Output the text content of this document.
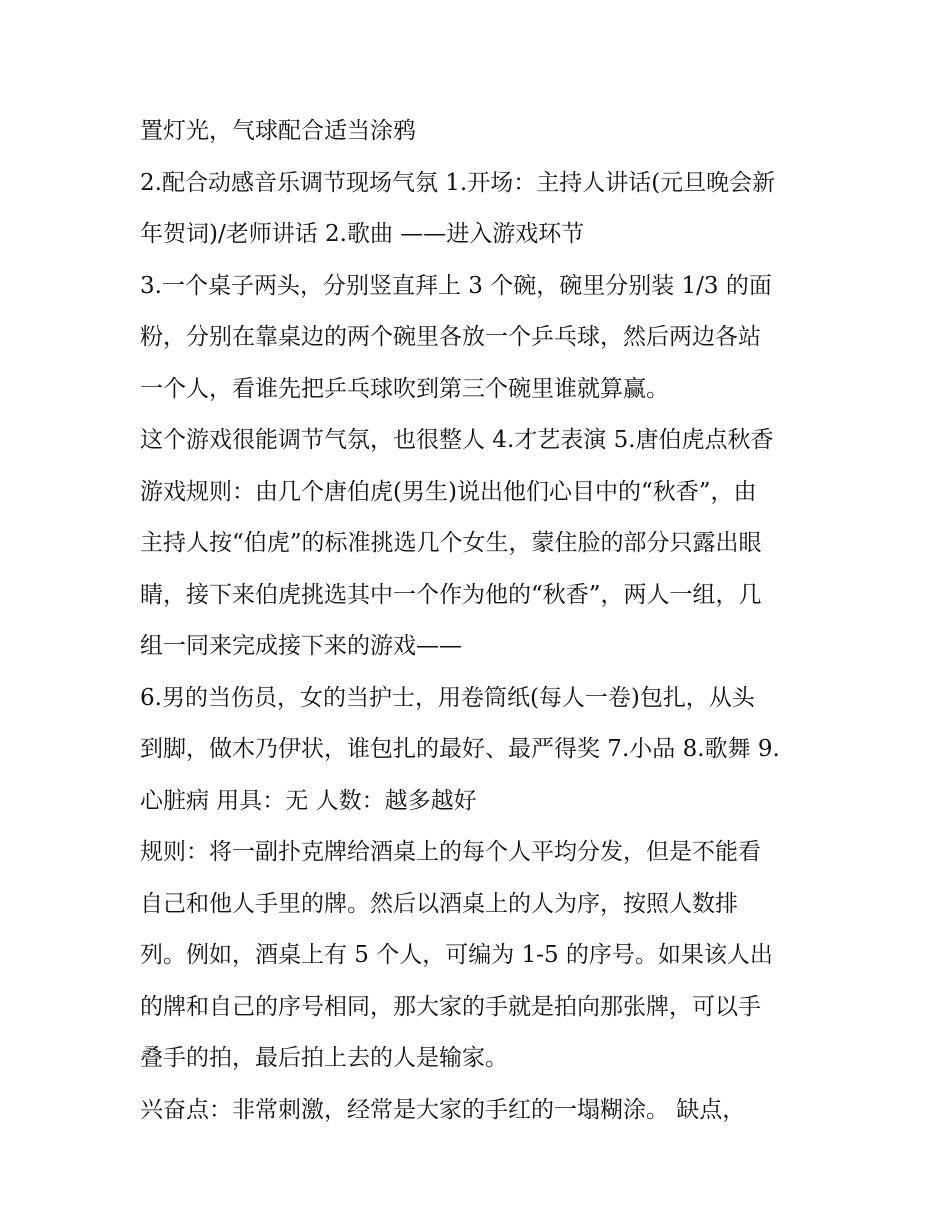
置灯光，气球配合适当涂鸦
2.配合动感音乐调节现场气氛 1.开场：主持人讲话(元旦晚会新
年贺词)/老师讲话 2.歌曲 ——进入游戏环节
3.一个桌子两头，分别竖直拜上 3 个碗，碗里分别装 1/3 的面
粉，分别在靠桌边的两个碗里各放一个乒乓球，然后两边各站
一个人，看谁先把乒乓球吹到第三个碗里谁就算赢。
这个游戏很能调节气氛，也很整人 4.才艺表演 5.唐伯虎点秋香
游戏规则：由几个唐伯虎(男生)说出他们心目中的“秋香”，由
主持人按“伯虎”的标准挑选几个女生，蒙住脸的部分只露出眼
睛，接下来伯虎挑选其中一个作为他的“秋香”，两人一组，几
组一同来完成接下来的游戏——
6.男的当伤员，女的当护士，用卷筒纸(每人一卷)包扎，从头
到脚，做木乃伊状，谁包扎的最好、最严得奖 7.小品 8.歌舞 9.
心脏病 用具：无 人数：越多越好
规则：将一副扑克牌给酒桌上的每个人平均分发，但是不能看
自己和他人手里的牌。然后以酒桌上的人为序，按照人数排
列。例如，酒桌上有 5 个人，可编为 1-5 的序号。如果该人出
的牌和自己的序号相同，那大家的手就是拍向那张牌，可以手
叠手的拍，最后拍上去的人是输家。
兴奋点：非常刺激，经常是大家的手红的一塌糊涂。 缺点，
